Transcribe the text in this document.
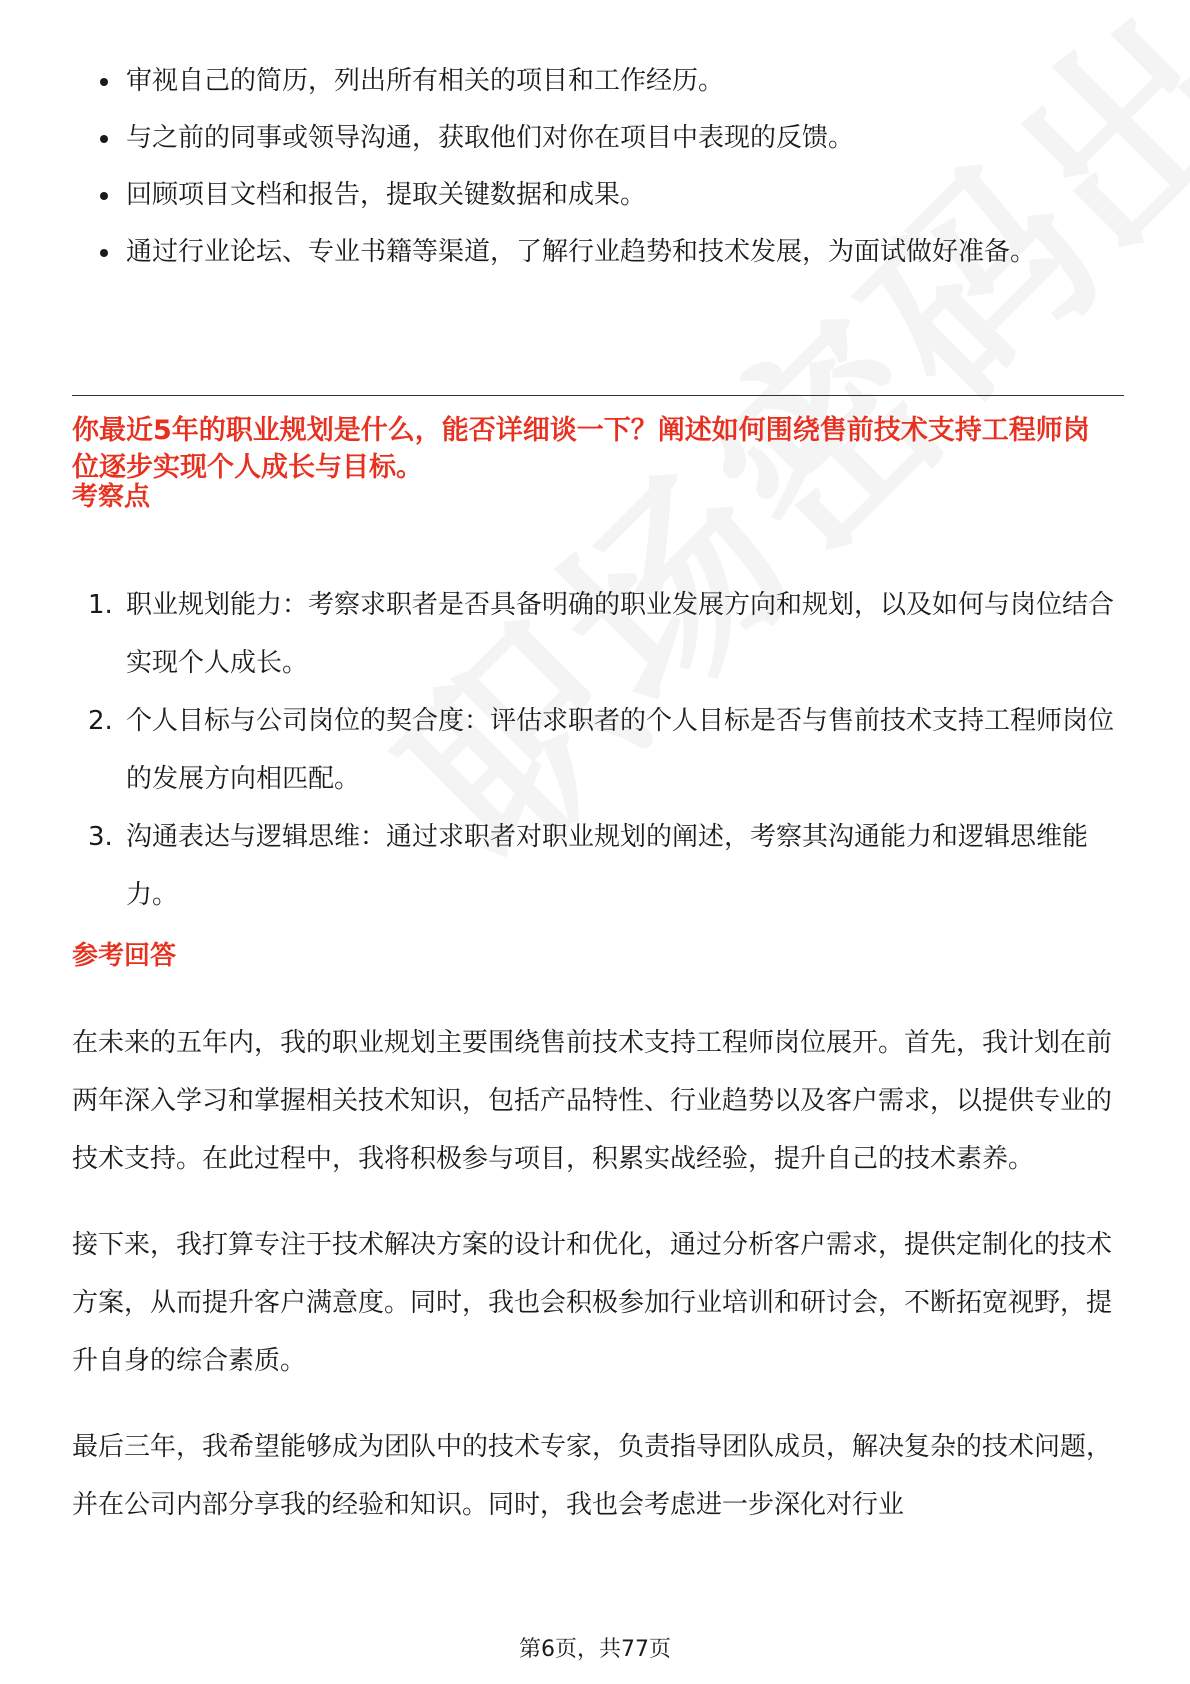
审视自己的简历，列出所有相关的项目和工作经历。
与之前的同事或领导沟通，获取他们对你在项目中表现的反馈。
回顾项目文档和报告，提取关键数据和成果。
通过行业论坛、专业书籍等渠道，了解行业趋势和技术发展，为面试做好准备。
你最近5年的职业规划是什么，能否详细谈一下？阐述如何围绕售前技术支持工程师岗位逐步实现个人成长与目标。
考察点
1. 职业规划能力：考察求职者是否具备明确的职业发展方向和规划，以及如何与岗位结合实现个人成长。
2. 个人目标与公司岗位的契合度：评估求职者的个人目标是否与售前技术支持工程师岗位的发展方向相匹配。
3. 沟通表达与逻辑思维：通过求职者对职业规划的阐述，考察其沟通能力和逻辑思维能力。
参考回答

在未来的五年内，我的职业规划主要围绕售前技术支持工程师岗位展开。首先，我计划在前两年深入学习和掌握相关技术知识，包括产品特性、行业趋势以及客户需求，以提供专业的技术支持。在此过程中，我将积极参与项目，积累实战经验，提升自己的技术素养。

接下来，我打算专注于技术解决方案的设计和优化，通过分析客户需求，提供定制化的技术方案，从而提升客户满意度。同时，我也会积极参加行业培训和研讨会，不断拓宽视野，提升自身的综合素质。

最后三年，我希望能够成为团队中的技术专家，负责指导团队成员，解决复杂的技术问题，并在公司内部分享我的经验和知识。同时，我也会考虑进一步深化对行业

第6页，共77页
